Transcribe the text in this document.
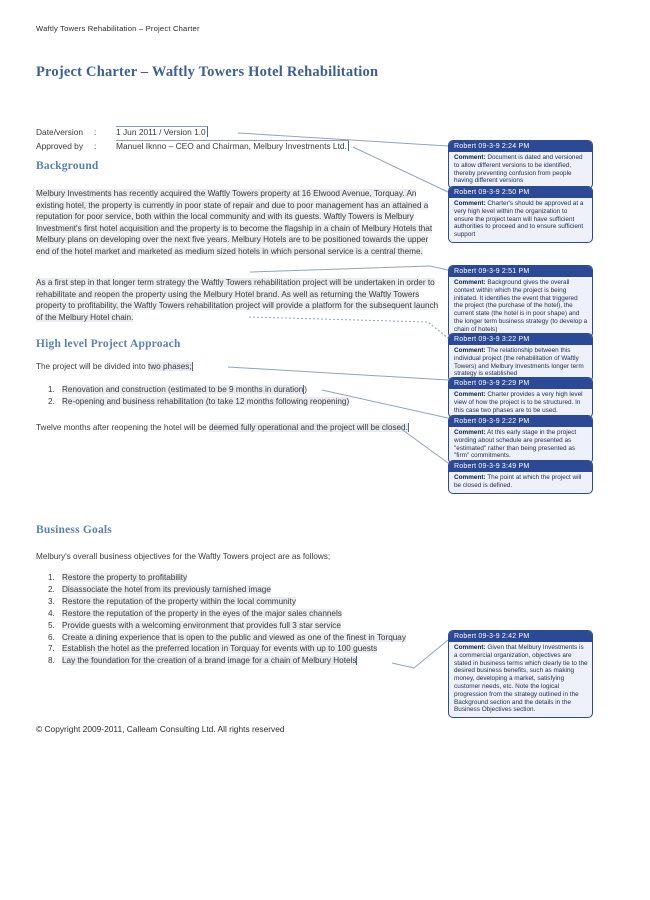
Waftly Towers Rehabilitation – Project Charter
Project Charter – Waftly Towers Hotel Rehabilitation
Date/version : 1 Jun 2011 / Version 1.0
Approved by : Manuel Iknno – CEO and Chairman, Melbury Investments Ltd.
Background
Melbury Investments has recently acquired the Waftly Towers property at 16 Elwood Avenue, Torquay. An existing hotel, the property is currently in poor state of repair and due to poor management has an attained a reputation for poor service, both within the local community and with its guests. Waftly Towers is Melbury Investment's first hotel acquisition and the property is to become the flagship in a chain of Melbury Hotels that Melbury plans on developing over the next five years. Melbury Hotels are to be positioned towards the upper end of the hotel market and marketed as medium sized hotels in which personal service is a central theme.
As a first step in that longer term strategy the Waftly Towers rehabilitation project will be undertaken in order to rehabilitate and reopen the property using the Melbury Hotel brand. As well as returning the Waftly Towers property to profitability, the Waftly Towers rehabilitation project will provide a platform for the subsequent launch of the Melbury Hotel chain.
High level Project Approach
The project will be divided into two phases;
1. Renovation and construction (estimated to be 9 months in duration)
2. Re-opening and business rehabilitation (to take 12 months following reopening)
Twelve months after reopening the hotel will be deemed fully operational and the project will be closed.
Business Goals
Melbury's overall business objectives for the Waftly Towers project are as follows;
1. Restore the property to profitability
2. Disassociate the hotel from its previously tarnished image
3. Restore the reputation of the property within the local community
4. Restore the reputation of the property in the eyes of the major sales channels
5. Provide guests with a welcoming environment that provides full 3 star service
6. Create a dining experience that is open to the public and viewed as one of the finest in Torquay
7. Establish the hotel as the preferred location in Torquay for events with up to 100 guests
8. Lay the foundation for the creation of a brand image for a chain of Melbury Hotels
© Copyright 2009-2011, Calleam Consulting Ltd. All rights reserved
Robert 09-3-9 2:24 PM
Comment: Document is dated and versioned to allow different versions to be identified, thereby preventing confusion from people having different versions
Robert 09-3-9 2:50 PM
Comment: Charter's should be approved at a very high level within the organization to ensure the project team will have sufficient authorities to proceed and to ensure sufficient support
Robert 09-3-9 2:51 PM
Comment: Background gives the overall context within which the project is being initiated. It identifies the event that triggered the project (the purchase of the hotel), the current state (the hotel is in poor shape) and the longer term business strategy (to develop a chain of hotels)
Robert 09-3-9 3:22 PM
Comment: The relationship between this individual project (the rehabilitation of Waftly Towers) and Melbury Investments longer term strategy is established
Robert 09-3-9 2:29 PM
Comment: Charter provides a very high level view of how the project is to be structured. In this case two phases are to be used.
Robert 09-3-9 2:22 PM
Comment: At this early stage in the project wording about schedule are presented as "estimated" rather than being presented as "firm" commitments.
Robert 09-3-9 3:49 PM
Comment: The point at which the project will be closed is defined.
Robert 09-3-9 2:42 PM
Comment: Given that Melbury Investments is a commercial organization, objectives are stated in business terms which clearly tie to the desired business benefits, such as making money, developing a market, satisfying customer needs, etc. Note the logical progression from the strategy outlined in the Background section and the details in the Business Objectives section.
